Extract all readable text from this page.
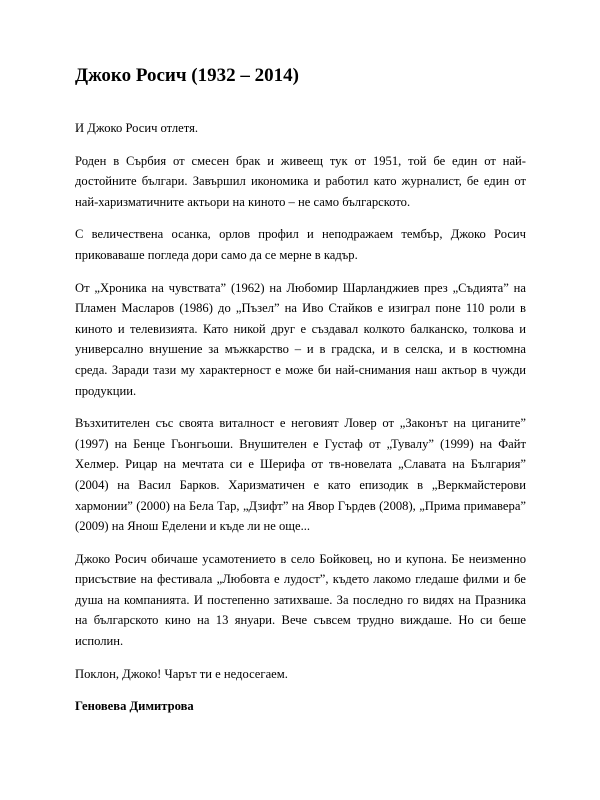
Джоко Росич (1932 – 2014)

И Джоко Росич отлетя.

Роден в Сърбия от смесен брак и живеещ тук от 1951, той бе един от най-достойните българи. Завършил икономика и работил като журналист, бе един от най-харизматичните актьори на киното – не само българското.

С величествена осанка, орлов профил и неподражаем тембър, Джоко Росич приковаваше погледа дори само да се мерне в кадър.

От „Хроника на чувствата” (1962) на Любомир Шарланджиев през „Съдията” на Пламен Масларов (1986) до „Пъзел” на Иво Стайков е изиграл поне 110 роли в киното и телевизията. Като никой друг е създавал колкото балканско, толкова и универсално внушение за мъжкарство – и в градска, и в селска, и в костюмна среда. Заради тази му характерност е може би най-снимания наш актьор в чужди продукции.

Възхитителен със своята виталност е неговият Ловер от „Законът на циганите” (1997) на Бенце Гьонгьоши. Внушителен е Густаф от „Тувалу” (1999) на Файт Хелмер. Рицар на мечтата си е Шерифа от тв-новелата „Славата на България” (2004) на Васил Барков. Харизматичен е като епизодик в „Веркмайстерови хармонии” (2000) на Бела Тар, „Дзифт” на Явор Гърдев (2008), „Прима примавера” (2009) на Янош Еделени и къде ли не още...

Джоко Росич обичаше усамотението в село Бойковец, но и купона. Бе неизменно присъствие на фестивала „Любовта е лудост”, където лакомо гледаше филми и бе душа на компанията. И постепенно затихваше. За последно го видях на Празника на българското кино на 13 януари. Вече съвсем трудно виждаше. Но си беше исполин.

Поклон, Джоко! Чарът ти е недосегаем.

Геновева Димитрова
